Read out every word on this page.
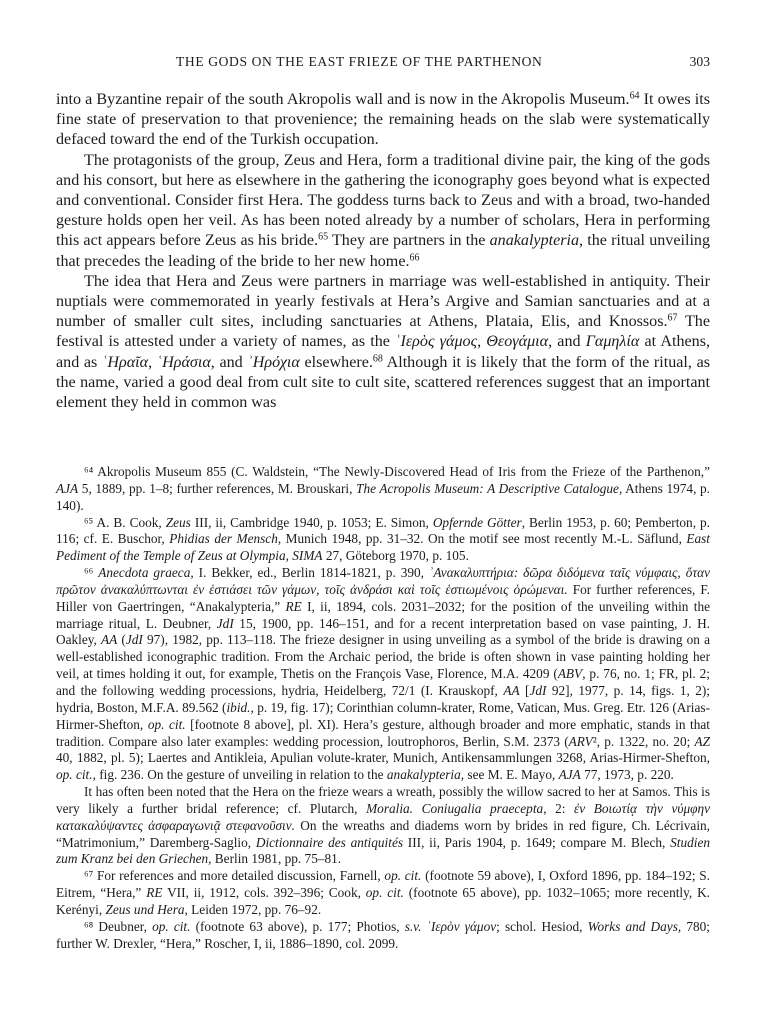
THE GODS ON THE EAST FRIEZE OF THE PARTHENON	303

into a Byzantine repair of the south Akropolis wall and is now in the Akropolis Museum.$^{64}$ It owes its fine state of preservation to that provenience; the remaining heads on the slab were systematically defaced toward the end of the Turkish occupation.

The protagonists of the group, Zeus and Hera, form a traditional divine pair, the king of the gods and his consort, but here as elsewhere in the gathering the iconography goes beyond what is expected and conventional. Consider first Hera. The goddess turns back to Zeus and with a broad, two-handed gesture holds open her veil. As has been noted already by a number of scholars, Hera in performing this act appears before Zeus as his bride.$^{65}$ They are partners in the anakalypteria, the ritual unveiling that precedes the leading of the bride to her new home.$^{66}$

The idea that Hera and Zeus were partners in marriage was well-established in antiquity. Their nuptials were commemorated in yearly festivals at Hera’s Argive and Samian sanctuaries and at a number of smaller cult sites, including sanctuaries at Athens, Plataia, Elis, and Knossos.$^{67}$ The festival is attested under a variety of names, as the ʿΙερὸς γάμος, Θεογάμια, and Γαμηλία at Athens, and as ʿΗραῖα, ʿΗράσια, and ʾΗρόχια elsewhere.$^{68}$ Although it is likely that the form of the ritual, as the name, varied a good deal from cult site to cult site, scattered references suggest that an important element they held in common was

⁶⁴ Akropolis Museum 855 (C. Waldstein, “The Newly-Discovered Head of Iris from the Frieze of the Parthenon,” AJA 5, 1889, pp. 1–8; further references, M. Brouskari, The Acropolis Museum: A Descriptive Catalogue, Athens 1974, p. 140).

⁶⁵ A. B. Cook, Zeus III, ii, Cambridge 1940, p. 1053; E. Simon, Opfernde Götter, Berlin 1953, p. 60; Pemberton, p. 116; cf. E. Buschor, Phidias der Mensch, Munich 1948, pp. 31–32. On the motif see most recently M.-L. Säflund, East Pediment of the Temple of Zeus at Olympia, SIMA 27, Göteborg 1970, p. 105.

⁶⁶ Anecdota graeca, I. Bekker, ed., Berlin 1814-1821, p. 390, ʾΑνακαλυπτήρια: δῶρα διδόμενα ταῖς νύμφαις, ὅταν πρῶτον ἀνακαλύπτωνται ἐν ἑστιάσει τῶν γάμων, τοῖς ἀνδράσι καὶ τοῖς ἑστιωμένοις ὁρώμεναι. For further references, F. Hiller von Gaertringen, “Anakalypteria,” RE I, ii, 1894, cols. 2031–2032; for the position of the unveiling within the marriage ritual, L. Deubner, JdI 15, 1900, pp. 146–151, and for a recent interpretation based on vase painting, J. H. Oakley, AA (JdI 97), 1982, pp. 113–118. The frieze designer in using unveiling as a symbol of the bride is drawing on a well-established iconographic tradition. From the Archaic period, the bride is often shown in vase painting holding her veil, at times holding it out, for example, Thetis on the François Vase, Florence, M.A. 4209 (ABV, p. 76, no. 1; FR, pl. 2; and the following wedding processions, hydria, Heidelberg, 72/1 (I. Krauskopf, AA [JdI 92], 1977, p. 14, figs. 1, 2); hydria, Boston, M.F.A. 89.562 (ibid., p. 19, fig. 17); Corinthian column-krater, Rome, Vatican, Mus. Greg. Etr. 126 (Arias-Hirmer-Shefton, op. cit. [footnote 8 above], pl. XI). Hera’s gesture, although broader and more emphatic, stands in that tradition. Compare also later examples: wedding procession, loutrophoros, Berlin, S.M. 2373 (ARV², p. 1322, no. 20; AZ 40, 1882, pl. 5); Laertes and Antikleia, Apulian volute-krater, Munich, Antikensammlungen 3268, Arias-Hirmer-Shefton, op. cit., fig. 236. On the gesture of unveiling in relation to the anakalypteria, see M. E. Mayo, AJA 77, 1973, p. 220.

It has often been noted that the Hera on the frieze wears a wreath, possibly the willow sacred to her at Samos. This is very likely a further bridal reference; cf. Plutarch, Moralia. Coniugalia praecepta, 2: ἐν Βοιωτίᾳ τὴν νύμφην κατακαλύψαντες ἀσφαραγωνιᾷ στεφανοῦσιν. On the wreaths and diadems worn by brides in red figure, Ch. Lécrivain, “Matrimonium,” Daremberg-Saglio, Dictionnaire des antiquités III, ii, Paris 1904, p. 1649; compare M. Blech, Studien zum Kranz bei den Griechen, Berlin 1981, pp. 75–81.

⁶⁷ For references and more detailed discussion, Farnell, op. cit. (footnote 59 above), I, Oxford 1896, pp. 184–192; S. Eitrem, “Hera,” RE VII, ii, 1912, cols. 392–396; Cook, op. cit. (footnote 65 above), pp. 1032–1065; more recently, K. Kerényi, Zeus und Hera, Leiden 1972, pp. 76–92.

⁶⁸ Deubner, op. cit. (footnote 63 above), p. 177; Photios, s.v. ʿΙερὸν γάμον; schol. Hesiod, Works and Days, 780; further W. Drexler, “Hera,” Roscher, I, ii, 1886–1890, col. 2099.
